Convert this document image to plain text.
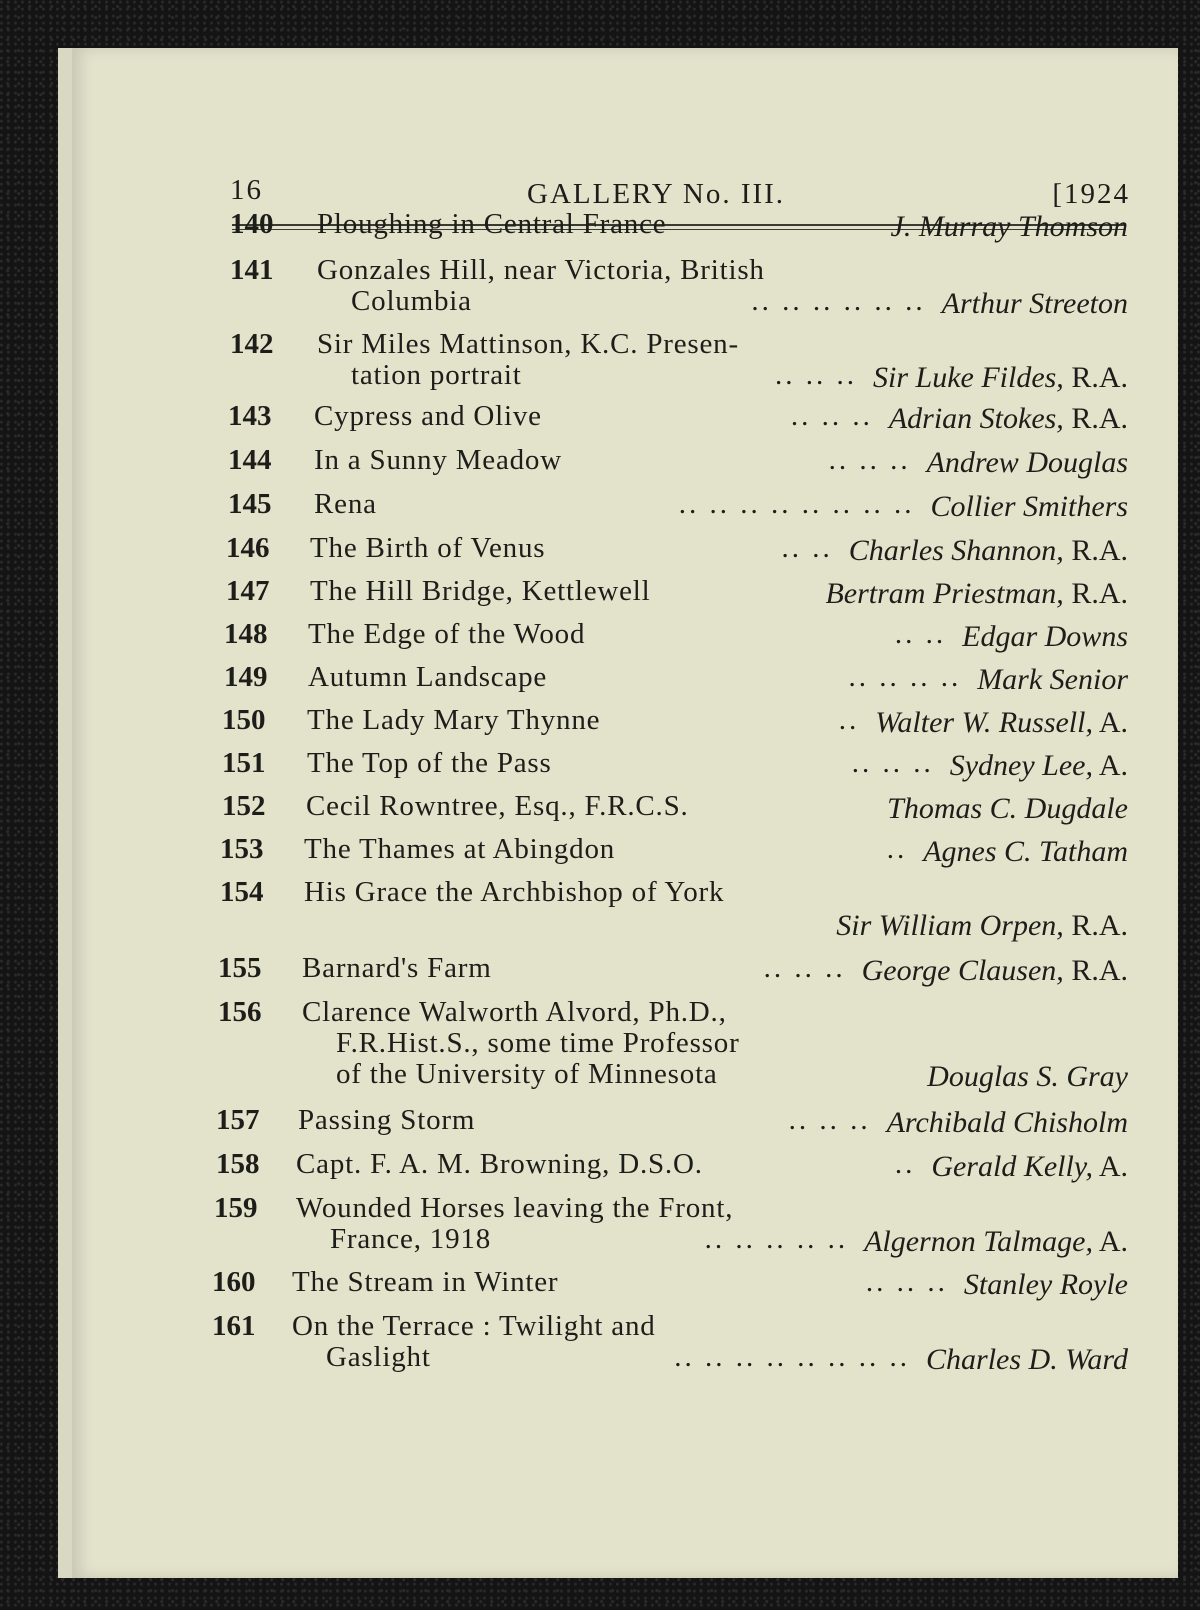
16	GALLERY No. III.	[1924
140 Ploughing in Central France	J. Murray Thomson
141 Gonzales Hill, near Victoria, British
Columbia	.. .. .. .. .. .. Arthur Streeton
142 Sir Miles Mattinson, K.C. Presen-
tation portrait	.. .. .. Sir Luke Fildes, R.A.
143 Cypress and Olive	.. .. .. Adrian Stokes, R.A.
144 In a Sunny Meadow	.. .. .. Andrew Douglas
145 Rena	.. .. .. .. .. .. .. .. Collier Smithers
146 The Birth of Venus	.. .. Charles Shannon, R.A.
147 The Hill Bridge, Kettlewell	Bertram Priestman, R.A.
148 The Edge of the Wood	.. .. Edgar Downs
149 Autumn Landscape	.. .. .. .. Mark Senior
150 The Lady Mary Thynne	.. Walter W. Russell, A.
151 The Top of the Pass	.. .. .. Sydney Lee, A.
152 Cecil Rowntree, Esq., F.R.C.S.	Thomas C. Dugdale
153 The Thames at Abingdon	.. Agnes C. Tatham
154 His Grace the Archbishop of York
Sir William Orpen, R.A.
155 Barnard's Farm	.. .. .. George Clausen, R.A.
156 Clarence Walworth Alvord, Ph.D.,
F.R.Hist.S., some time Professor
of the University of Minnesota	Douglas S. Gray
157 Passing Storm	.. .. .. Archibald Chisholm
158 Capt. F. A. M. Browning, D.S.O.	.. Gerald Kelly, A.
159 Wounded Horses leaving the Front,
France, 1918	.. .. .. .. .. Algernon Talmage, A.
160 The Stream in Winter	.. .. .. Stanley Royle
161 On the Terrace : Twilight and
Gaslight	.. .. .. .. .. .. .. .. Charles D. Ward
